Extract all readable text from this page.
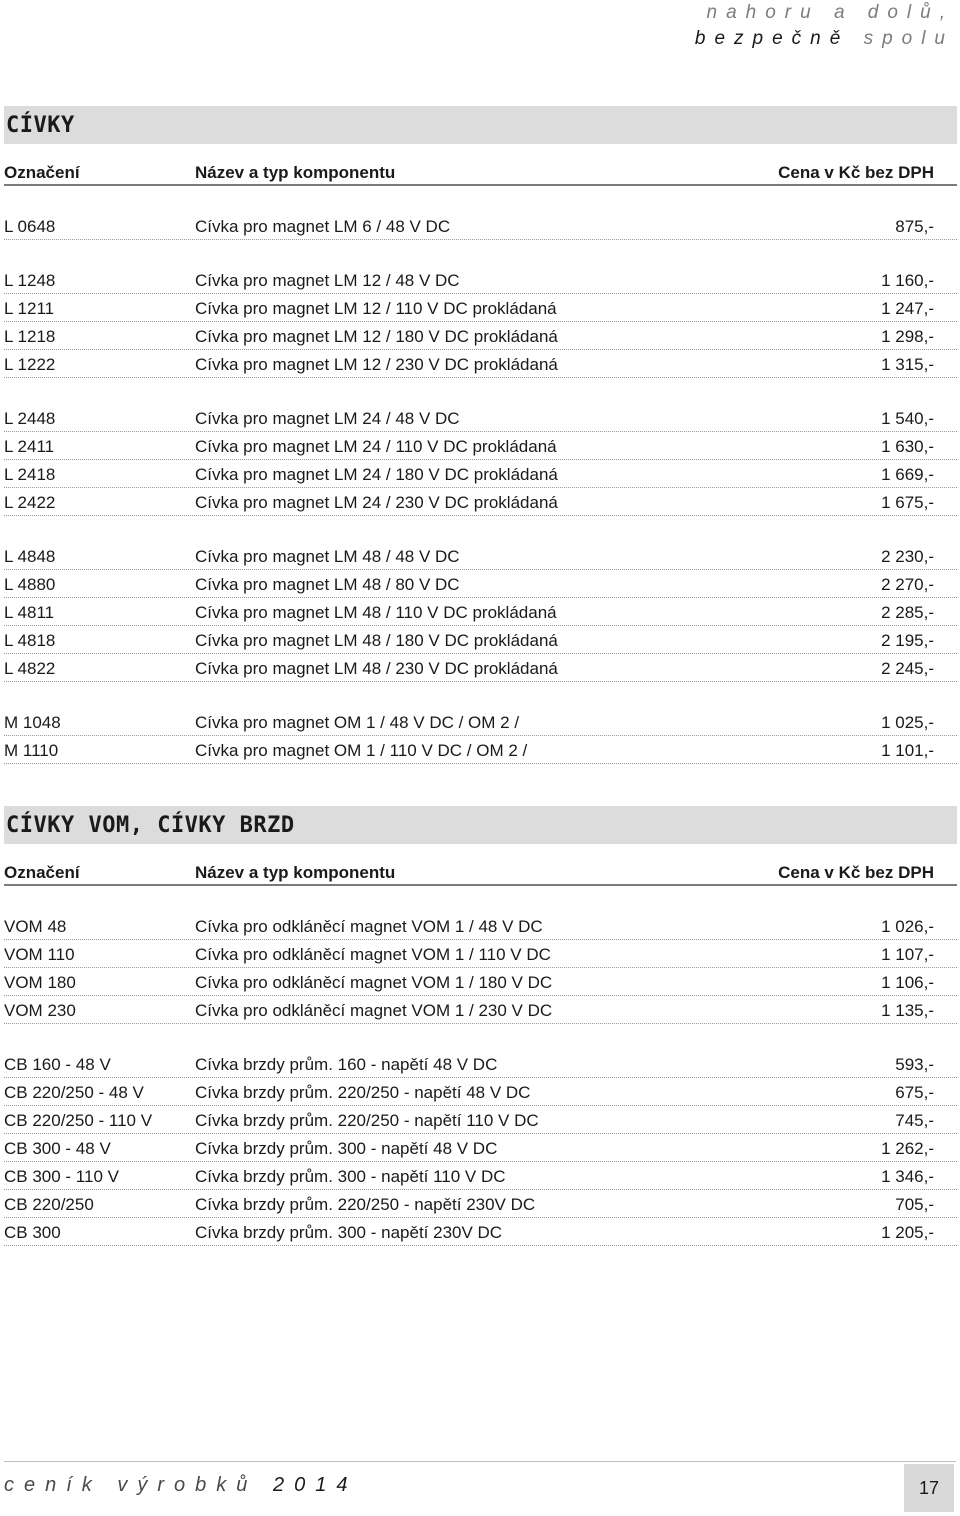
nahoru a dolů,
bezpečně spolu
CÍVKY
Označení	Název a typ komponentu	Cena v Kč bez DPH
L 0648	Cívka pro magnet LM 6 / 48 V DC	875,-
L 1248	Cívka pro magnet LM 12 / 48 V DC	1 160,-
L 1211	Cívka pro magnet LM 12 / 110 V DC prokládaná	1 247,-
L 1218	Cívka pro magnet LM 12 / 180 V DC prokládaná	1 298,-
L 1222	Cívka pro magnet LM 12 / 230 V DC prokládaná	1 315,-
L 2448	Cívka pro magnet LM 24 / 48 V DC	1 540,-
L 2411	Cívka pro magnet LM 24 / 110 V DC prokládaná	1 630,-
L 2418	Cívka pro magnet LM 24 / 180 V DC prokládaná	1 669,-
L 2422	Cívka pro magnet LM 24 / 230 V DC prokládaná	1 675,-
L 4848	Cívka pro magnet LM 48 / 48 V DC	2 230,-
L 4880	Cívka pro magnet LM 48 / 80 V DC	2 270,-
L 4811	Cívka pro magnet LM 48 / 110 V DC prokládaná	2 285,-
L 4818	Cívka pro magnet LM 48 / 180 V DC prokládaná	2 195,-
L 4822	Cívka pro magnet LM 48 / 230 V DC prokládaná	2 245,-
M 1048	Cívka pro magnet OM 1 / 48 V DC / OM 2 /	1 025,-
M 1110	Cívka pro magnet OM 1 / 110 V DC / OM 2 /	1 101,-
CÍVKY VOM, CÍVKY BRZD
Označení	Název a typ komponentu	Cena v Kč bez DPH
VOM 48	Cívka pro odkláněcí magnet VOM 1 / 48 V DC	1 026,-
VOM 110	Cívka pro odkláněcí magnet VOM 1 / 110 V DC	1 107,-
VOM 180	Cívka pro odkláněcí magnet VOM 1 / 180 V DC	1 106,-
VOM 230	Cívka pro odkláněcí magnet VOM 1 / 230 V DC	1 135,-
CB 160 - 48 V	Cívka brzdy prům. 160 - napětí 48 V DC	593,-
CB 220/250 - 48 V	Cívka brzdy prům. 220/250 - napětí 48 V DC	675,-
CB 220/250 - 110 V	Cívka brzdy prům. 220/250 - napětí 110 V DC	745,-
CB 300 - 48 V	Cívka brzdy prům. 300 - napětí 48 V DC	1 262,-
CB 300 - 110 V	Cívka brzdy prům. 300 - napětí 110 V DC	1 346,-
CB 220/250	Cívka brzdy prům. 220/250 - napětí 230V DC	705,-
CB 300	Cívka brzdy prům. 300 - napětí 230V DC	1 205,-
ceník výrobků 2014	17
